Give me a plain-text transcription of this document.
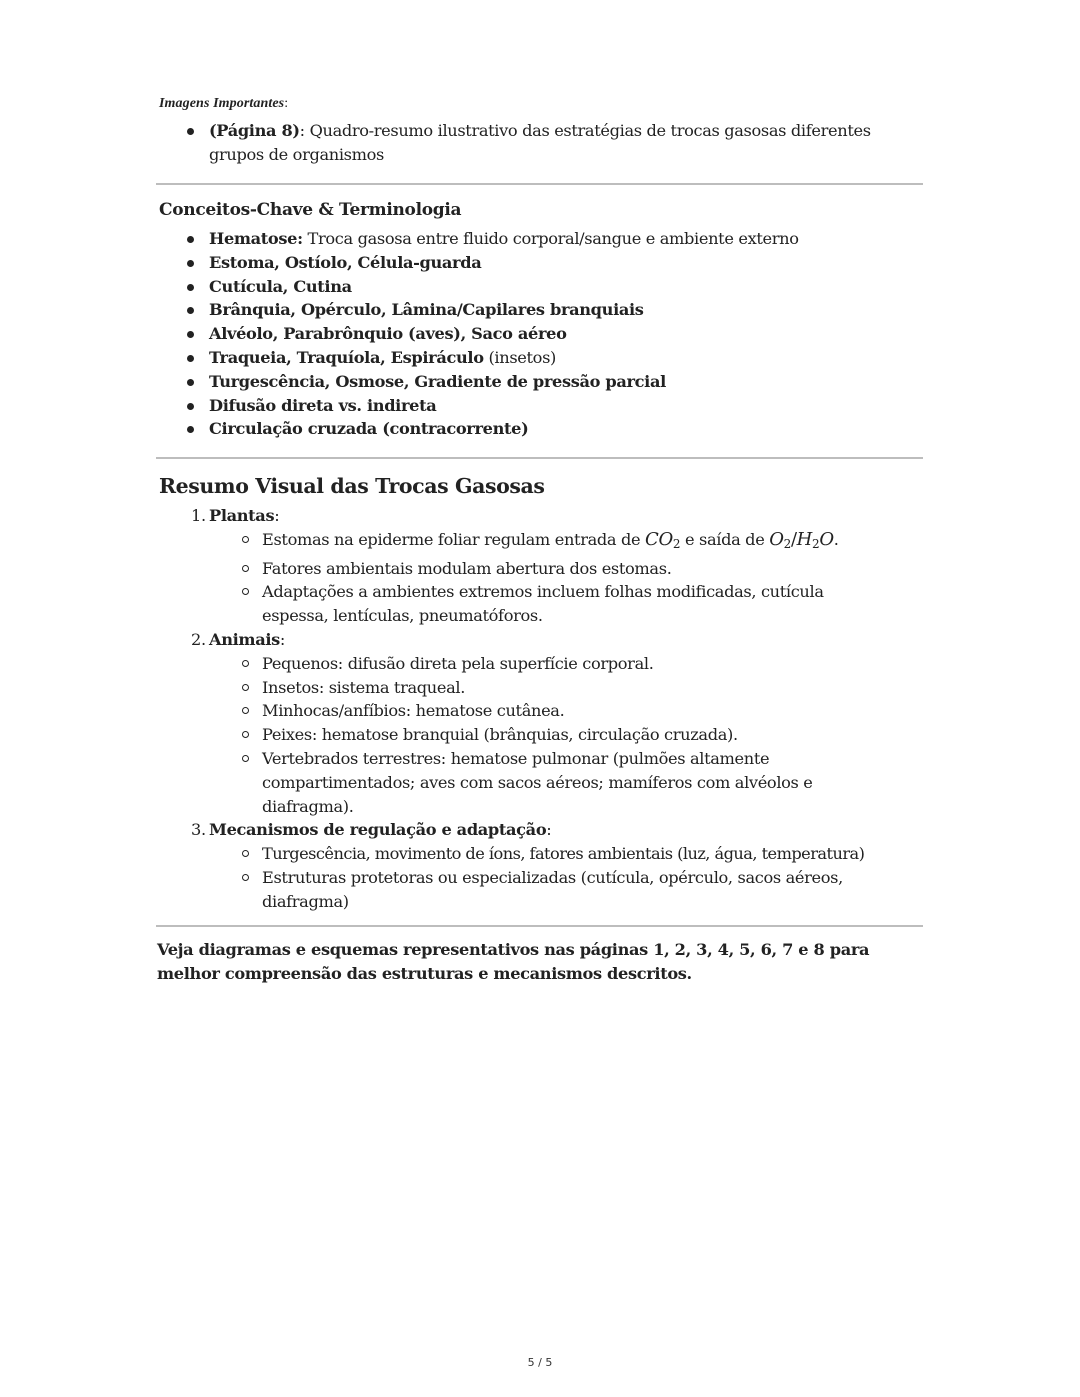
Imagens Importantes:
(Página 8): Quadro-resumo ilustrativo das estratégias de trocas gasosas diferentes grupos de organismos
Conceitos-Chave & Terminologia
Hematose: Troca gasosa entre fluido corporal/sangue e ambiente externo
Estoma, Ostíolo, Célula-guarda
Cutícula, Cutina
Brânquia, Opérculo, Lâmina/Capilares branquiais
Alvéolo, Parabrônquio (aves), Saco aéreo
Traqueia, Traquíola, Espiráculo (insetos)
Turgescência, Osmose, Gradiente de pressão parcial
Difusão direta vs. indireta
Circulação cruzada (contracorrente)
Resumo Visual das Trocas Gasosas
1. Plantas:
Estomas na epiderme foliar regulam entrada de $CO_2$ e saída de $O_2/H_2O$.
Fatores ambientais modulam abertura dos estomas.
Adaptações a ambientes extremos incluem folhas modificadas, cutícula espessa, lentículas, pneumatóforos.
2. Animais:
Pequenos: difusão direta pela superfície corporal.
Insetos: sistema traqueal.
Minhocas/anfíbios: hematose cutânea.
Peixes: hematose branquial (brânquias, circulação cruzada).
Vertebrados terrestres: hematose pulmonar (pulmões altamente compartimentados; aves com sacos aéreos; mamíferos com alvéolos e diafragma).
3. Mecanismos de regulação e adaptação:
Turgescência, movimento de íons, fatores ambientais (luz, água, temperatura)
Estruturas protetoras ou especializadas (cutícula, opérculo, sacos aéreos, diafragma)
Veja diagramas e esquemas representativos nas páginas 1, 2, 3, 4, 5, 6, 7 e 8 para melhor compreensão das estruturas e mecanismos descritos.
5 / 5
